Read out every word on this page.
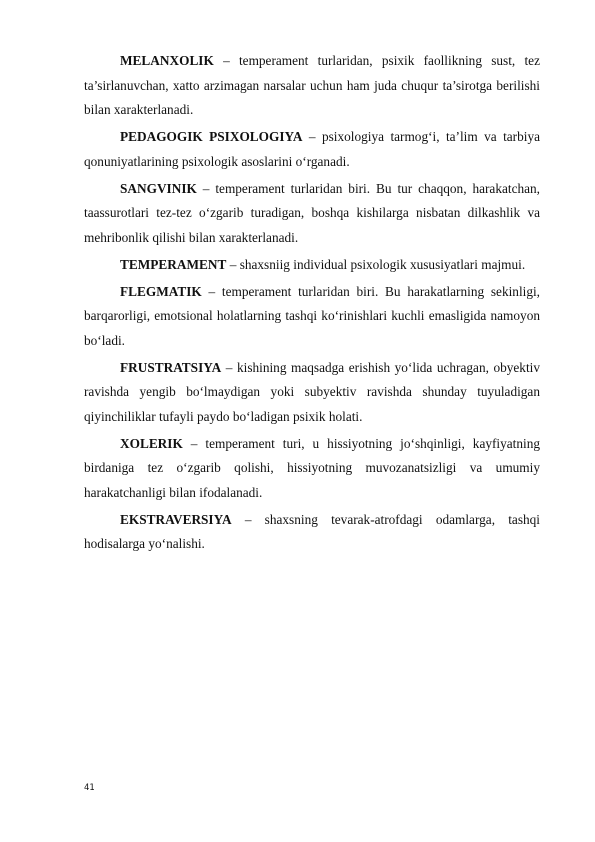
MELANXOLIK – temperament turlaridan, psixik faollikning sust, tez ta’sirlanuvchan, xatto arzimagan narsalar uchun ham juda chuqur ta’sirotga berilishi bilan xarakterlanadi.

PEDAGOGIK PSIXOLOGIYA – psixologiya tarmog‘i, ta’lim va tarbiya qonuniyatlarining psixologik asoslarini o‘rganadi.

SANGVINIK – temperament turlaridan biri. Bu tur chaqqon, harakatchan, taassurotlari tez-tez o‘zgarib turadigan, boshqa kishilarga nisbatan dilkashlik va mehribonlik qilishi bilan xarakterlanadi.

TEMPERAMENT – shaxsniig individual psixologik xususiyatlari majmui.

FLEGMATIK – temperament turlaridan biri. Bu harakatlarning sekinligi, barqarorligi, emotsional holatlarning tashqi ko‘rinishlari kuchli emasligida namoyon bo‘ladi.

FRUSTRATSIYA – kishining maqsadga erishish yo‘lida uchragan, obyektiv ravishda yengib bo‘lmaydigan yoki subyektiv ravishda shunday tuyuladigan qiyinchiliklar tufayli paydo bo‘ladigan psixik holati.

XOLERIK – temperament turi, u hissiyotning jo‘shqinligi, kayfiyatning birdaniga tez o‘zgarib qolishi, hissiyotning muvozanatsizligi va umumiy harakatchanligi bilan ifodalanadi.

EKSTRAVERSIYA – shaxsning tevarak-atrofdagi odamlarga, tashqi hodisalarga yo‘nalishi.

41
